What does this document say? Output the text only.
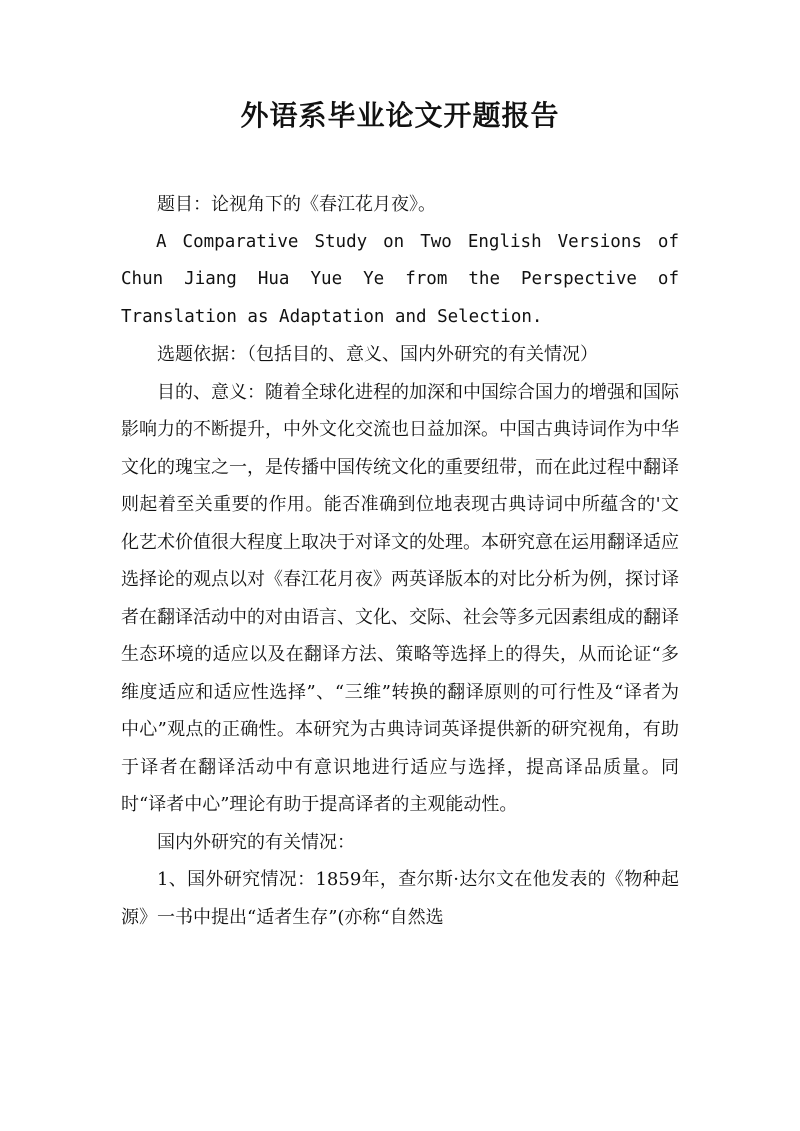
外语系毕业论文开题报告

题目：论视角下的《春江花月夜》。

A Comparative Study on Two English Versions of Chun Jiang Hua Yue Ye from the Perspective of Translation as Adaptation and Selection.

选题依据：（包括目的、意义、国内外研究的有关情况）

目的、意义：随着全球化进程的加深和中国综合国力的增强和国际影响力的不断提升，中外文化交流也日益加深。中国古典诗词作为中华文化的瑰宝之一，是传播中国传统文化的重要纽带，而在此过程中翻译则起着至关重要的作用。能否准确到位地表现古典诗词中所蕴含的'文化艺术价值很大程度上取决于对译文的处理。本研究意在运用翻译适应选择论的观点以对《春江花月夜》两英译版本的对比分析为例，探讨译者在翻译活动中的对由语言、文化、交际、社会等多元因素组成的翻译生态环境的适应以及在翻译方法、策略等选择上的得失，从而论证“多维度适应和适应性选择”、“三维”转换的翻译原则的可行性及“译者为中心”观点的正确性。本研究为古典诗词英译提供新的研究视角，有助于译者在翻译活动中有意识地进行适应与选择，提高译品质量。同时“译者中心”理论有助于提高译者的主观能动性。

国内外研究的有关情况：

1、国外研究情况：1859年，查尔斯·达尔文在他发表的《物种起源》一书中提出“适者生存”(亦称“自然选
